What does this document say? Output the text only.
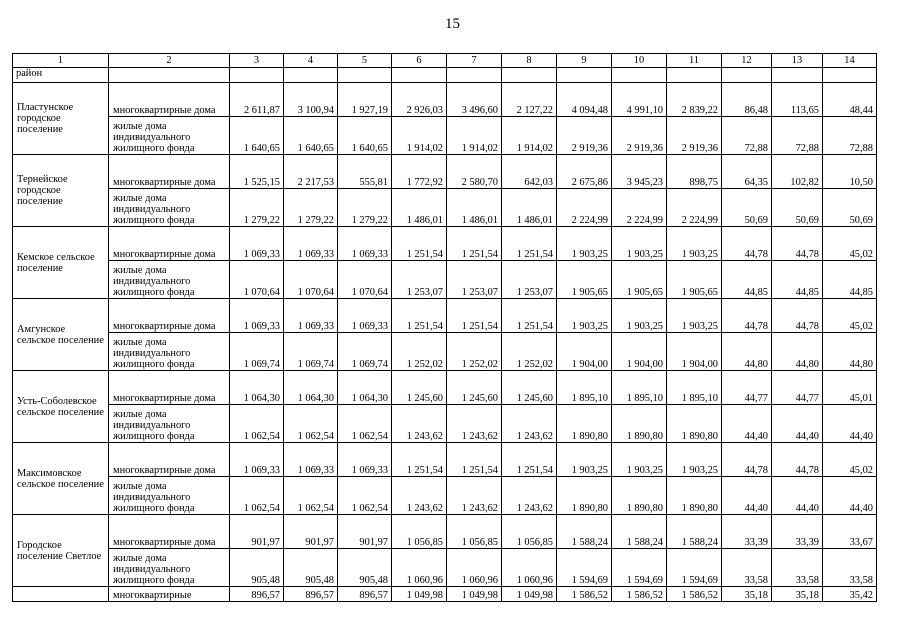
15
1	2	3	4	5	6	7	8	9	10	11	12	13	14
район													
Пластунское городское поселение	многоквартирные дома	2 611,87	3 100,94	1 927,19	2 926,03	3 496,60	2 127,22	4 094,48	4 991,10	2 839,22	86,48	113,65	48,44
	жилые дома индивидуального жилищного фонда	1 640,65	1 640,65	1 640,65	1 914,02	1 914,02	1 914,02	2 919,36	2 919,36	2 919,36	72,88	72,88	72,88
Тернейское городское поселение	многоквартирные дома	1 525,15	2 217,53	555,81	1 772,92	2 580,70	642,03	2 675,86	3 945,23	898,75	64,35	102,82	10,50
	жилые дома индивидуального жилищного фонда	1 279,22	1 279,22	1 279,22	1 486,01	1 486,01	1 486,01	2 224,99	2 224,99	2 224,99	50,69	50,69	50,69
Кемское сельское поселение	многоквартирные дома	1 069,33	1 069,33	1 069,33	1 251,54	1 251,54	1 251,54	1 903,25	1 903,25	1 903,25	44,78	44,78	45,02
	жилые дома индивидуального жилищного фонда	1 070,64	1 070,64	1 070,64	1 253,07	1 253,07	1 253,07	1 905,65	1 905,65	1 905,65	44,85	44,85	44,85
Амгунское сельское поселение	многоквартирные дома	1 069,33	1 069,33	1 069,33	1 251,54	1 251,54	1 251,54	1 903,25	1 903,25	1 903,25	44,78	44,78	45,02
	жилые дома индивидуального жилищного фонда	1 069,74	1 069,74	1 069,74	1 252,02	1 252,02	1 252,02	1 904,00	1 904,00	1 904,00	44,80	44,80	44,80
Усть-Соболевское сельское поселение	многоквартирные дома	1 064,30	1 064,30	1 064,30	1 245,60	1 245,60	1 245,60	1 895,10	1 895,10	1 895,10	44,77	44,77	45,01
	жилые дома индивидуального жилищного фонда	1 062,54	1 062,54	1 062,54	1 243,62	1 243,62	1 243,62	1 890,80	1 890,80	1 890,80	44,40	44,40	44,40
Максимовское сельское поселение	многоквартирные дома	1 069,33	1 069,33	1 069,33	1 251,54	1 251,54	1 251,54	1 903,25	1 903,25	1 903,25	44,78	44,78	45,02
	жилые дома индивидуального жилищного фонда	1 062,54	1 062,54	1 062,54	1 243,62	1 243,62	1 243,62	1 890,80	1 890,80	1 890,80	44,40	44,40	44,40
Городское поселение Светлое	многоквартирные дома	901,97	901,97	901,97	1 056,85	1 056,85	1 056,85	1 588,24	1 588,24	1 588,24	33,39	33,39	33,67
	жилые дома индивидуального жилищного фонда	905,48	905,48	905,48	1 060,96	1 060,96	1 060,96	1 594,69	1 594,69	1 594,69	33,58	33,58	33,58
	многоквартирные	896,57	896,57	896,57	1 049,98	1 049,98	1 049,98	1 586,52	1 586,52	1 586,52	35,18	35,18	35,42
